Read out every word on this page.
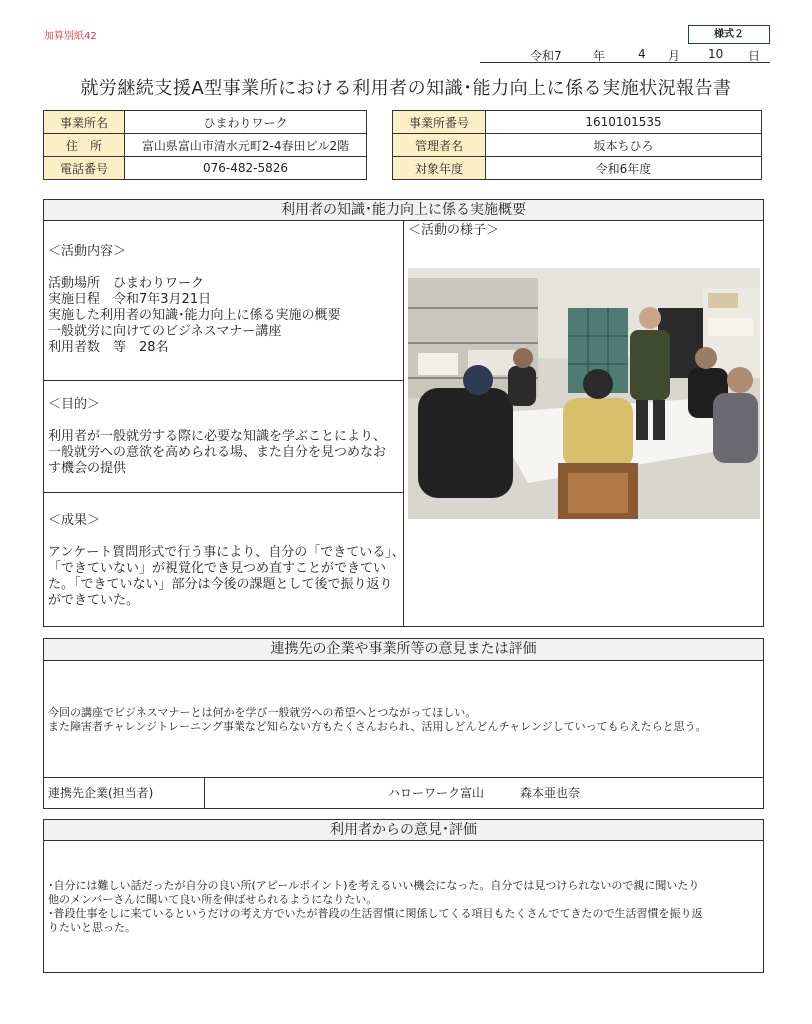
加算別紙42	様式２
令和7	年	4 月 10 日
就労継続支援A型事業所における利用者の知識･能力向上に係る実施状況報告書
事業所名	ひまわりワーク
住　所	富山県富山市清水元町2-4春田ビル2階
電話番号	076-482-5826
事業所番号	1610101535
管理者名	坂本ちひろ
対象年度	令和6年度
利用者の知識･能力向上に係る実施概要
＜活動内容＞
活動場所　ひまわりワーク
実施日程　令和7年3月21日
実施した利用者の知識･能力向上に係る実施の概要
一般就労に向けてのビジネスマナー講座
利用者数　等　28名
＜目的＞
利用者が一般就労する際に必要な知識を学ぶことにより、
一般就労への意欲を高められる場、また自分を見つめなお
す機会の提供
＜成果＞
アンケート質問形式で行う事により、自分の「できている」、
「できていない」が視覚化でき見つめ直すことができてい
た。「できていない」部分は今後の課題として後で振り返り
ができていた。
＜活動の様子＞
連携先の企業や事業所等の意見または評価
今回の講座でビジネスマナーとは何かを学び一般就労への希望へとつながってほしい。
また障害者チャレンジトレーニング事業など知らない方もたくさんおられ、活用しどんどんチャレンジしていってもらえたらと思う。
連携先企業(担当者)	ハローワーク富山　　　森本亜也奈
利用者からの意見･評価
･自分には難しい話だったが自分の良い所(アピールポイント)を考えるいい機会になった。自分では見つけられないので親に聞いたり
他のメンバーさんに聞いて良い所を伸ばせられるようになりたい。
･普段仕事をしに来ているというだけの考え方でいたが普段の生活習慣に関係してくる項目もたくさんでてきたので生活習慣を振り返
りたいと思った。
